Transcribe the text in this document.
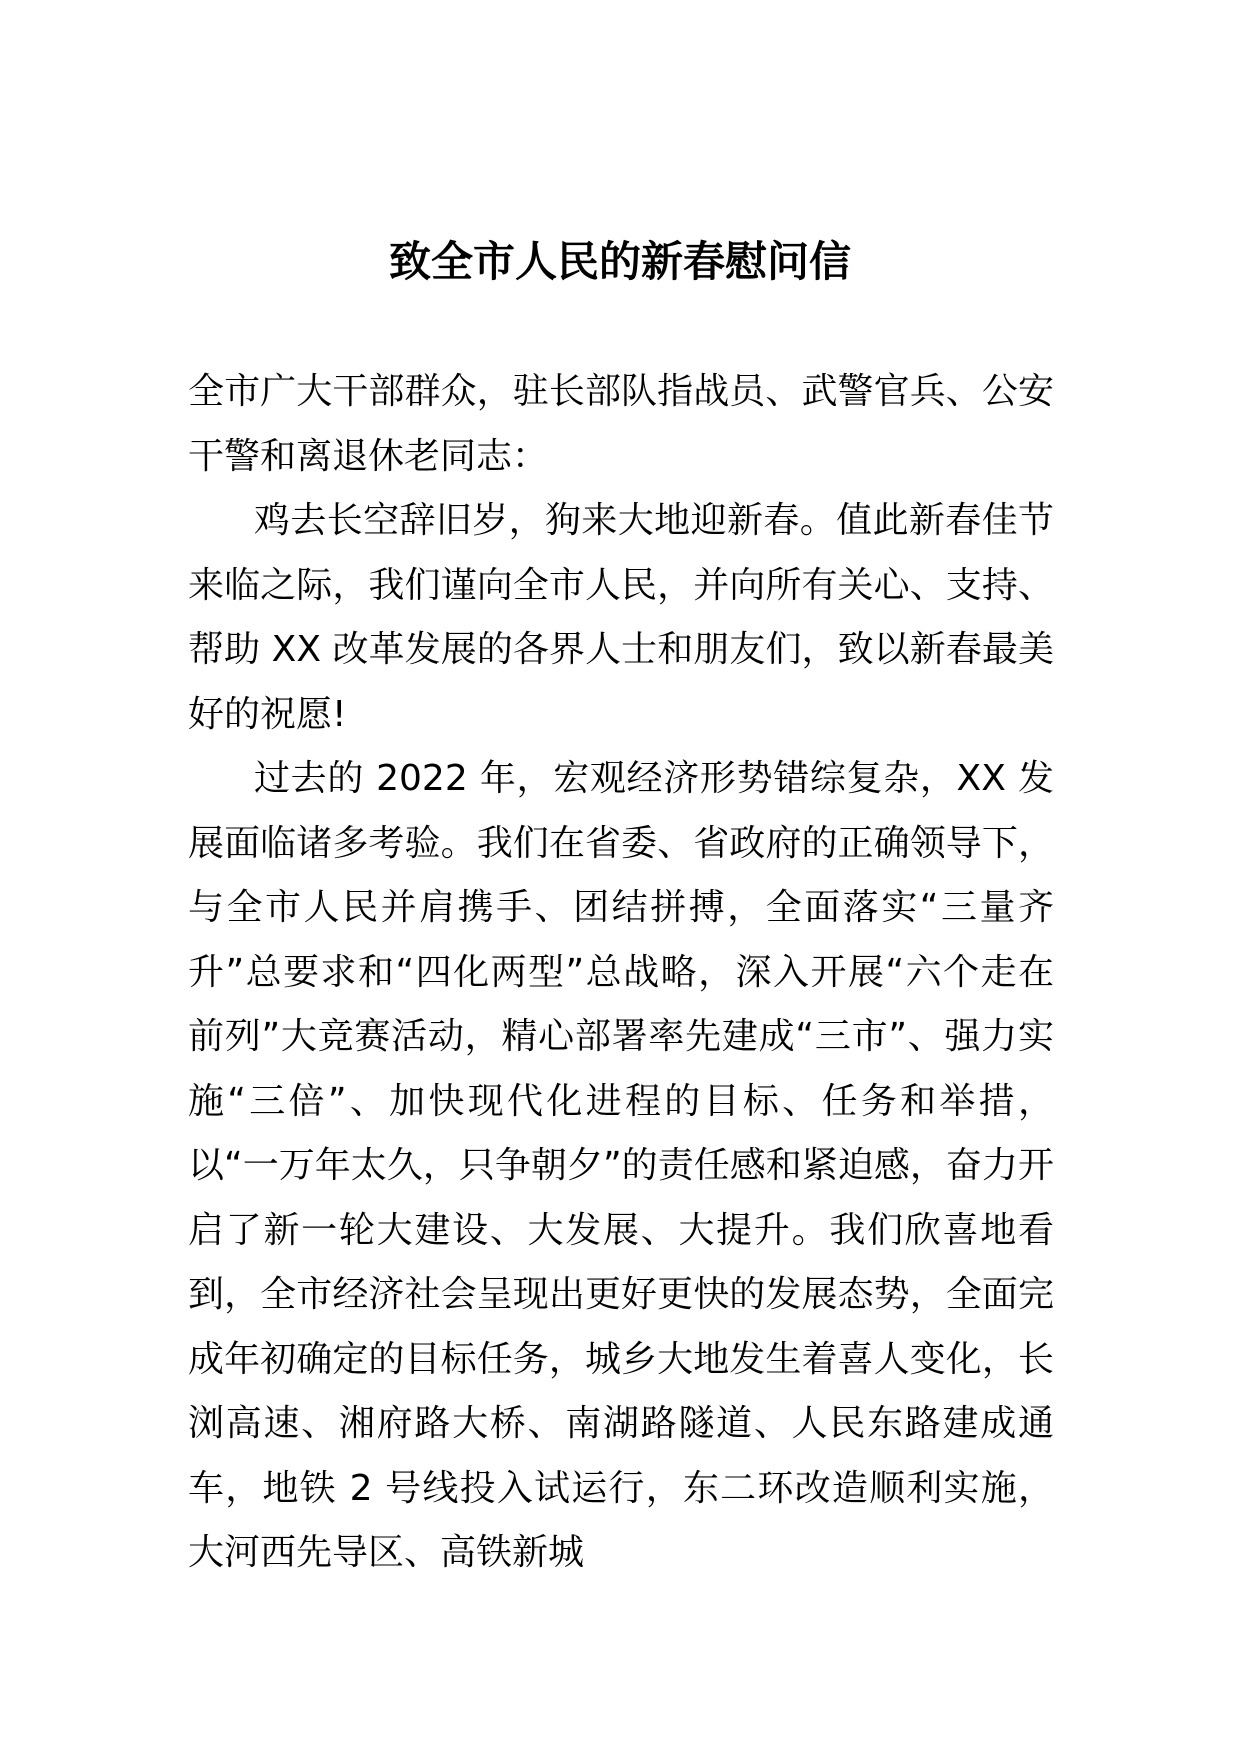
致全市人民的新春慰问信

全市广大干部群众，驻长部队指战员、武警官兵、公安干警和离退休老同志：

鸡去长空辞旧岁，狗来大地迎新春。值此新春佳节来临之际，我们谨向全市人民，并向所有关心、支持、帮助 XX 改革发展的各界人士和朋友们，致以新春最美好的祝愿!

过去的 2022 年，宏观经济形势错综复杂，XX 发展面临诸多考验。我们在省委、省政府的正确领导下，与全市人民并肩携手、团结拼搏，全面落实“三量齐升”总要求和“四化两型”总战略，深入开展“六个走在前列”大竞赛活动，精心部署率先建成“三市”、强力实施“三倍”、加快现代化进程的目标、任务和举措，以“一万年太久，只争朝夕”的责任感和紧迫感，奋力开启了新一轮大建设、大发展、大提升。我们欣喜地看到，全市经济社会呈现出更好更快的发展态势，全面完成年初确定的目标任务，城乡大地发生着喜人变化，长浏高速、湘府路大桥、南湖路隧道、人民东路建成通车，地铁 2 号线投入试运行，东二环改造顺利实施，大河西先导区、高铁新城
